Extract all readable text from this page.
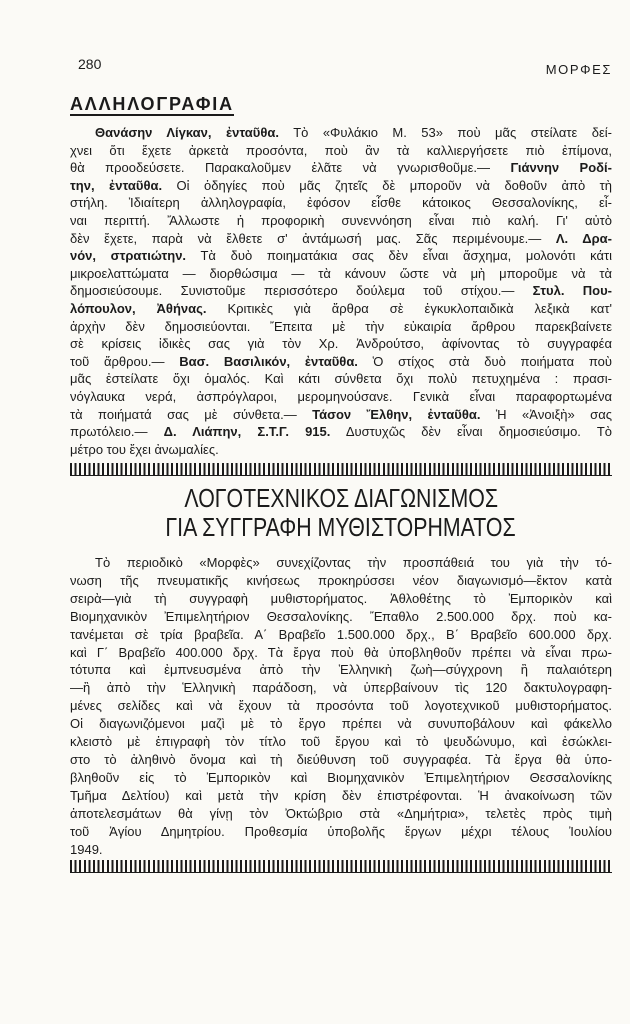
280	ΜΟΡΦΕΣ
ΑΛΛΗΛΟΓΡΑΦΙΑ
Θανάσην Λίγκαν, ἐνταῦθα. Τὸ «Φυλάκιο Μ. 53» ποὺ μᾶς στείλατε δεί-
χνει ὅτι ἔχετε ἀρκετὰ προσόντα, ποὺ ἂν τὰ καλλιεργήσετε πιὸ ἐπίμονα,
θὰ προοδεύσετε. Παρακαλοῦμεν ἐλᾶτε νὰ γνωρισθοῦμε.— Γιάννην Ροδί-
την, ἐνταῦθα. Οἱ ὁδηγίες ποὺ μᾶς ζητεῖς δὲ μποροῦν νὰ δοθοῦν ἀπὸ τὴ
στήλη. Ἰδιαίτερη ἀλληλογραφία, ἐφόσον εἶσθε κάτοικος Θεσσαλονίκης, εἶ-
ναι περιττή. Ἄλλωστε ἡ προφορικὴ συνεννόηση εἶναι πιὸ καλή. Γι' αὐτὸ
δὲν ἔχετε, παρὰ νὰ ἔλθετε σ' ἀντάμωσή μας. Σᾶς περιμένουμε.— Λ. Δρα-
νόν, στρατιώτην. Τὰ δυὸ ποιηματάκια σας δὲν εἶναι ἄσχημα, μολονότι κάτι
μικροελαττώματα — διορθώσιμα — τὰ κάνουν ὥστε νὰ μὴ μποροῦμε νὰ τὰ
δημοσιεύσουμε. Συνιστοῦμε περισσότερο δούλεμα τοῦ στίχου.— Στυλ. Που-
λόπουλον, Ἀθήνας. Κριτικὲς γιὰ ἄρθρα σὲ ἐγκυκλοπαιδικὰ λεξικὰ κατ'
ἀρχὴν δὲν δημοσιεύονται. Ἔπειτα μὲ τὴν εὐκαιρία ἄρθρου παρεκβαίνετε
σὲ κρίσεις ἰδικὲς σας γιὰ τὸν Χρ. Ἀνδρούτσο, ἀφίνοντας τὸ συγγραφέα
τοῦ ἄρθρου.— Βασ. Βασιλικόν, ἐνταῦθα. Ὁ στίχος στὰ δυὸ ποιήματα ποὺ
μᾶς ἐστείλατε ὄχι ὁμαλός. Καὶ κάτι σύνθετα ὄχι πολὺ πετυχημένα : πρασι-
νόγλαυκα νερά, ἀσπρόγλαροι, μερομηνούσανε. Γενικὰ εἶναι παραφορτωμένα
τὰ ποιήματά σας μὲ σύνθετα.— Τάσον Ἔλθην, ἐνταῦθα. Ἡ «Ἀνοιξὴ» σας
πρωτόλειο.— Δ. Λιάπην, Σ.Τ.Γ. 915. Δυστυχῶς δὲν εἶναι δημοσιεύσιμο. Τὸ
μέτρο του ἔχει ἀνωμαλίες.
ΛΟΓΟΤΕΧΝΙΚΟΣ ΔΙΑΓΩΝΙΣΜΟΣ
ΓΙΑ ΣΥΓΓΡΑΦΗ ΜΥΘΙΣΤΟΡΗΜΑΤΟΣ
Τὸ περιοδικὸ «Μορφὲς» συνεχίζοντας τὴν προσπάθειά του γιὰ τὴν τό-
νωση τῆς πνευματικῆς κινήσεως προκηρύσσει νέον διαγωνισμό—ἔκτον κατὰ
σειρὰ—γιὰ τὴ συγγραφὴ μυθιστορήματος. Ἀθλοθέτης τὸ Ἐμπορικὸν καὶ
Βιομηχανικὸν Ἐπιμελητήριον Θεσσαλονίκης. Ἔπαθλο 2.500.000 δρχ. ποὺ κα-
τανέμεται σὲ τρία βραβεῖα. Α΄ Βραβεῖο 1.500.000 δρχ., Β΄ Βραβεῖο 600.000 δρχ.
καὶ Γ΄ Βραβεῖο 400.000 δρχ. Τὰ ἔργα ποὺ θὰ ὑποβληθοῦν πρέπει νὰ εἶναι πρω-
τότυπα καὶ ἐμπνευσμένα ἀπὸ τὴν Ἑλληνικὴ ζωὴ—σύγχρονη ἢ παλαιότερη
—ἢ ἀπὸ τὴν Ἑλληνικὴ παράδοση, νὰ ὑπερβαίνουν τὶς 120 δακτυλογραφη-
μένες σελίδες καὶ νὰ ἔχουν τὰ προσόντα τοῦ λογοτεχνικοῦ μυθιστορήματος.
Οἱ διαγωνιζόμενοι μαζὶ μὲ τὸ ἔργο πρέπει νὰ συνυποβάλουν καὶ φάκελλο
κλειστὸ μὲ ἐπιγραφὴ τὸν τίτλο τοῦ ἔργου καὶ τὸ ψευδώνυμο, καὶ ἐσώκλει-
στο τὸ ἀληθινὸ ὄνομα καὶ τὴ διεύθυνση τοῦ συγγραφέα. Τὰ ἔργα θὰ ὑπο-
βληθοῦν εἰς τὸ Ἐμπορικὸν καὶ Βιομηχανικὸν Ἐπιμελητήριον Θεσσαλονίκης
Τμῆμα Δελτίου) καὶ μετὰ τὴν κρίση δὲν ἐπιστρέφονται. Ἡ ἀνακοίνωση τῶν
ἀποτελεσμάτων θὰ γίνῃ τὸν Ὀκτώβριο στὰ «Δημήτρια», τελετὲς πρὸς τιμὴ
τοῦ Ἁγίου Δημητρίου. Προθεσμία ὑποβολῆς ἔργων μέχρι τέλους Ἰουλίου
1949.
